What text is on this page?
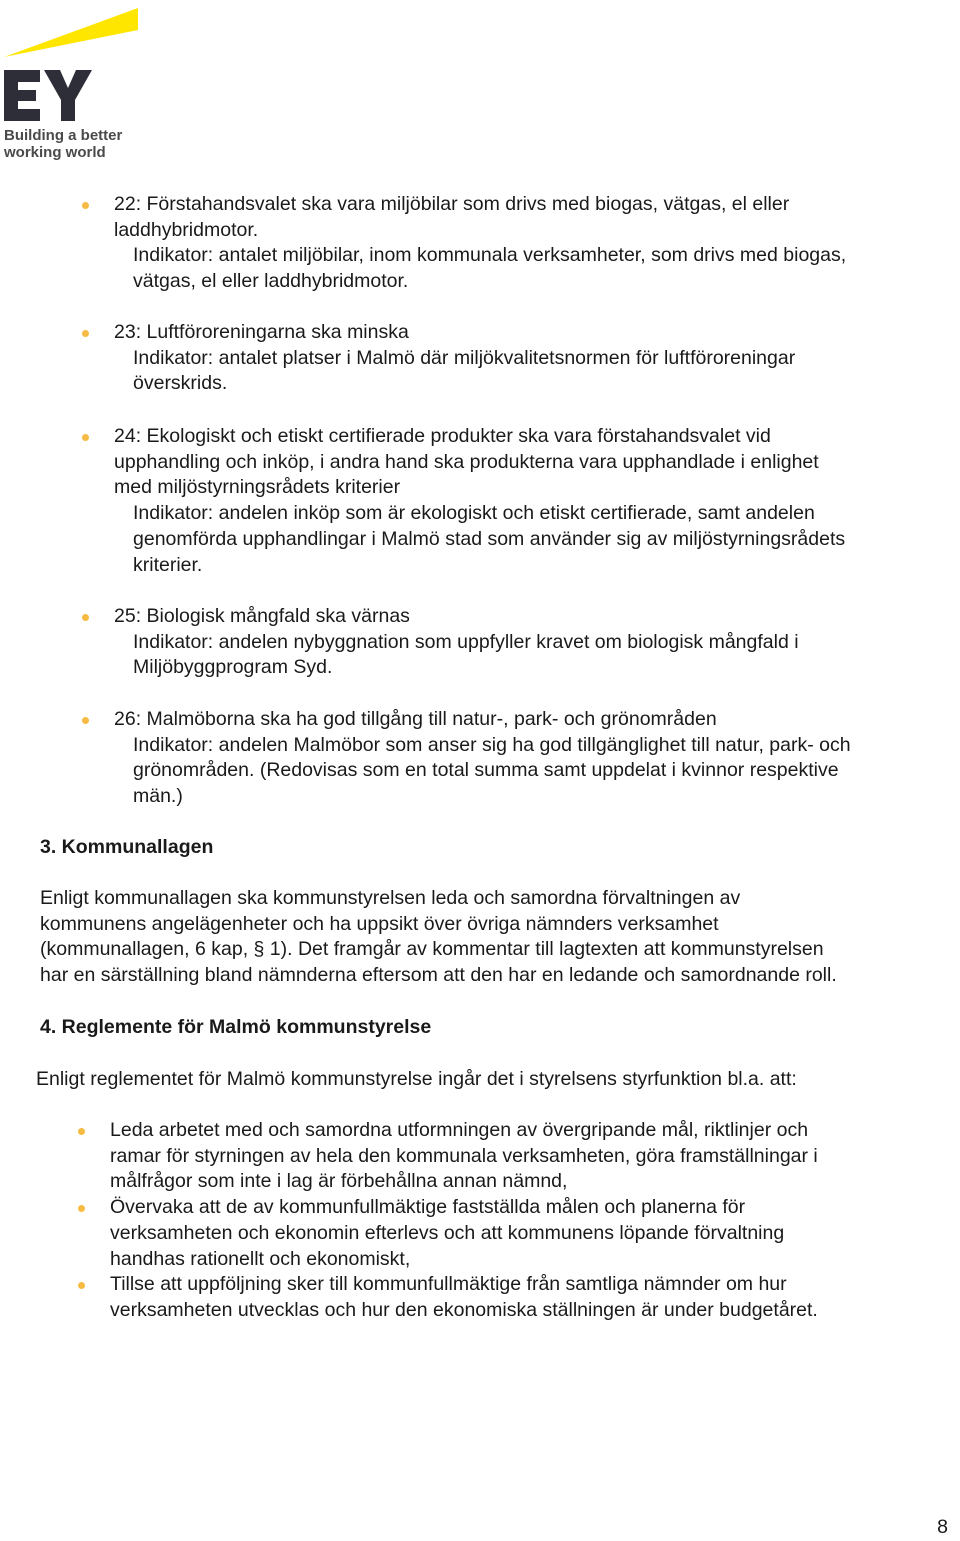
Building a better
working world
22: Förstahandsvalet ska vara miljöbilar som drivs med biogas, vätgas, el eller
laddhybridmotor.
Indikator: antalet miljöbilar, inom kommunala verksamheter, som drivs med biogas,
vätgas, el eller laddhybridmotor.
23: Luftföroreningarna ska minska
Indikator: antalet platser i Malmö där miljökvalitetsnormen för luftföroreningar
överskrids.
24: Ekologiskt och etiskt certifierade produkter ska vara förstahandsvalet vid
upphandling och inköp, i andra hand ska produkterna vara upphandlade i enlighet
med miljöstyrningsrådets kriterier
Indikator: andelen inköp som är ekologiskt och etiskt certifierade, samt andelen
genomförda upphandlingar i Malmö stad som använder sig av miljöstyrningsrådets
kriterier.
25: Biologisk mångfald ska värnas
Indikator: andelen nybyggnation som uppfyller kravet om biologisk mångfald i
Miljöbyggprogram Syd.
26: Malmöborna ska ha god tillgång till natur-, park- och grönområden
Indikator: andelen Malmöbor som anser sig ha god tillgänglighet till natur, park- och
grönområden. (Redovisas som en total summa samt uppdelat i kvinnor respektive
män.)
3. Kommunallagen
Enligt kommunallagen ska kommunstyrelsen leda och samordna förvaltningen av
kommunens angelägenheter och ha uppsikt över övriga nämnders verksamhet
(kommunallagen, 6 kap, § 1). Det framgår av kommentar till lagtexten att kommunstyrelsen
har en särställning bland nämnderna eftersom att den har en ledande och samordnande roll.
4. Reglemente för Malmö kommunstyrelse
Enligt reglementet för Malmö kommunstyrelse ingår det i styrelsens styrfunktion bl.a. att:
Leda arbetet med och samordna utformningen av övergripande mål, riktlinjer och
ramar för styrningen av hela den kommunala verksamheten, göra framställningar i
målfrågor som inte i lag är förbehållna annan nämnd,
Övervaka att de av kommunfullmäktige fastställda målen och planerna för
verksamheten och ekonomin efterlevs och att kommunens löpande förvaltning
handhas rationellt och ekonomiskt,
Tillse att uppföljning sker till kommunfullmäktige från samtliga nämnder om hur
verksamheten utvecklas och hur den ekonomiska ställningen är under budgetåret.
8
